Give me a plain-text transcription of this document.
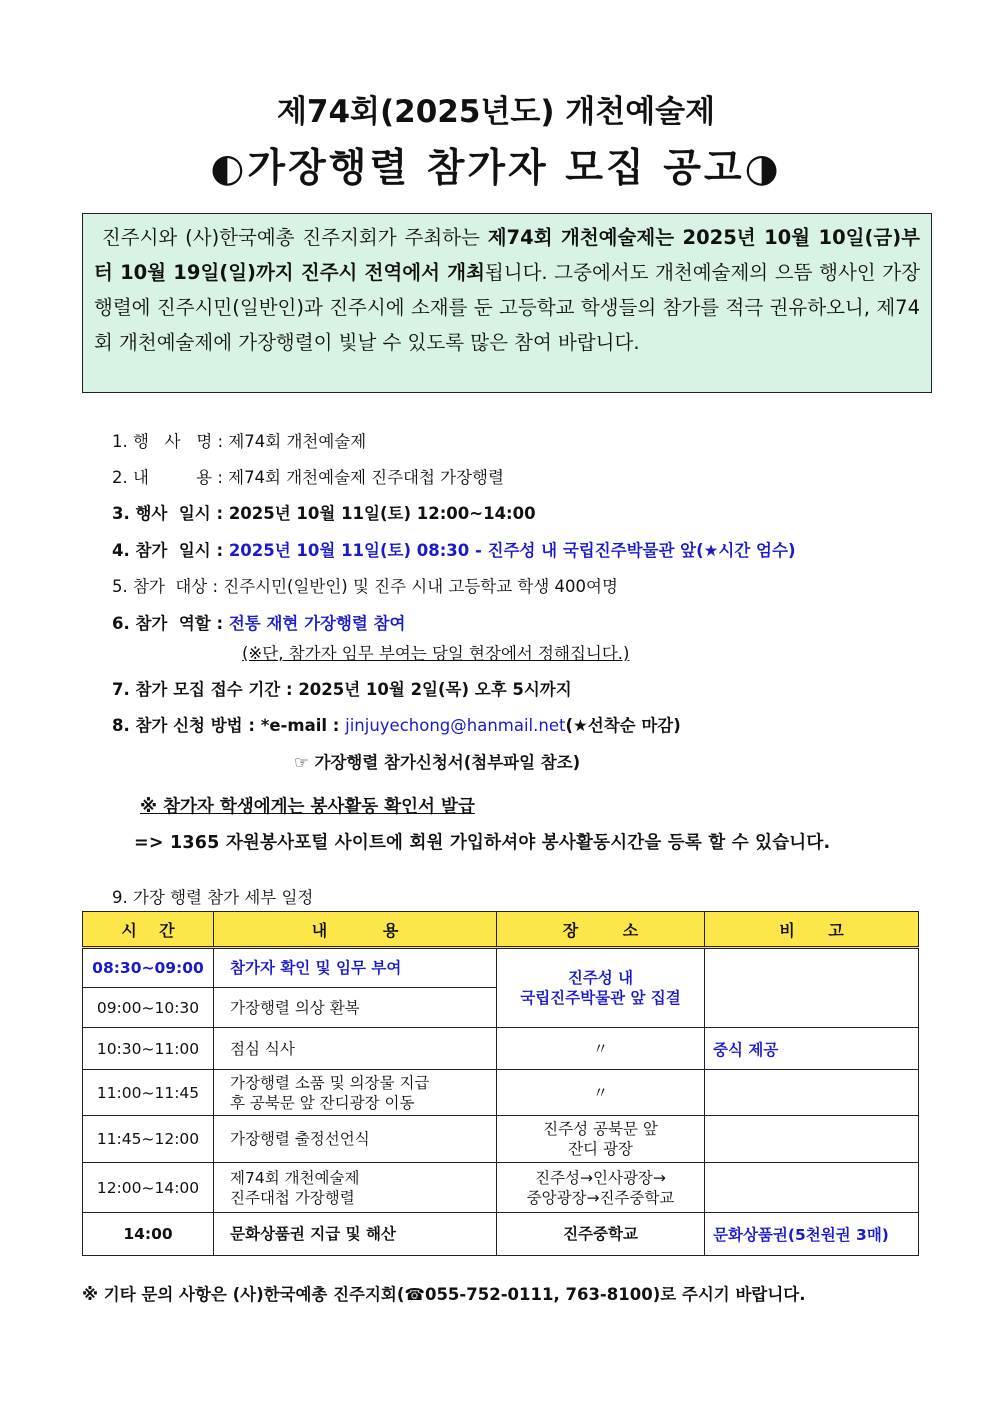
제74회(2025년도) 개천예술제
◐가장행렬 참가자 모집 공고◑
진주시와 (사)한국예총 진주지회가 주최하는 제74회 개천예술제는 2025년 10월 10일(금)부터 10월 19일(일)까지 진주시 전역에서 개최됩니다. 그중에서도 개천예술제의 으뜸 행사인 가장행렬에 진주시민(일반인)과 진주시에 소재를 둔 고등학교 학생들의 참가를 적극 권유하오니, 제74회 개천예술제에 가장행렬이 빛날 수 있도록 많은 참여 바랍니다.
1. 행   사   명 : 제74회 개천예술제
2. 내         용 : 제74회 개천예술제 진주대첩 가장행렬
3. 행사  일시 : 2025년 10월 11일(토) 12:00~14:00
4. 참가  일시 : 2025년 10월 11일(토) 08:30 - 진주성 내 국립진주박물관 앞(★시간 엄수)
5. 참가  대상 : 진주시민(일반인) 및 진주 시내 고등학교 학생 400여명
6. 참가  역할 : 전통 재현 가장행렬 참여
(※단, 참가자 임무 부여는 당일 현장에서 정해집니다.)
7. 참가 모집 접수 기간 : 2025년 10월 2일(목) 오후 5시까지
8. 참가 신청 방법 : *e-mail : jinjuyechong@hanmail.net(★선착순 마감)
☞ 가장행렬 참가신청서(첨부파일 참조)
※ 참가자 학생에게는 봉사활동 확인서 발급
=> 1365 자원봉사포털 사이트에 회원 가입하셔야 봉사활동시간을 등록 할 수 있습니다.
9. 가장 행렬 참가 세부 일정
시    간	내          용	장        소	비      고
08:30~09:00	참가자 확인 및 임무 부여	진주성 내
국립진주박물관 앞 집결	
09:00~10:30	가장행렬 의상 환복		
10:30~11:00	점심 식사	〃	중식 제공
11:00~11:45	가장행렬 소품 및 의장물 지급
후 공북문 앞 잔디광장 이동	〃	
11:45~12:00	가장행렬 출정선언식	진주성 공북문 앞
잔디 광장	
12:00~14:00	제74회 개천예술제
진주대첩 가장행렬	진주성→인사광장→
중앙광장→진주중학교	
14:00	문화상품권 지급 및 해산	진주중학교	문화상품권(5천원권 3매)
※ 기타 문의 사항은 (사)한국예총 진주지회(☎055-752-0111, 763-8100)로 주시기 바랍니다.
